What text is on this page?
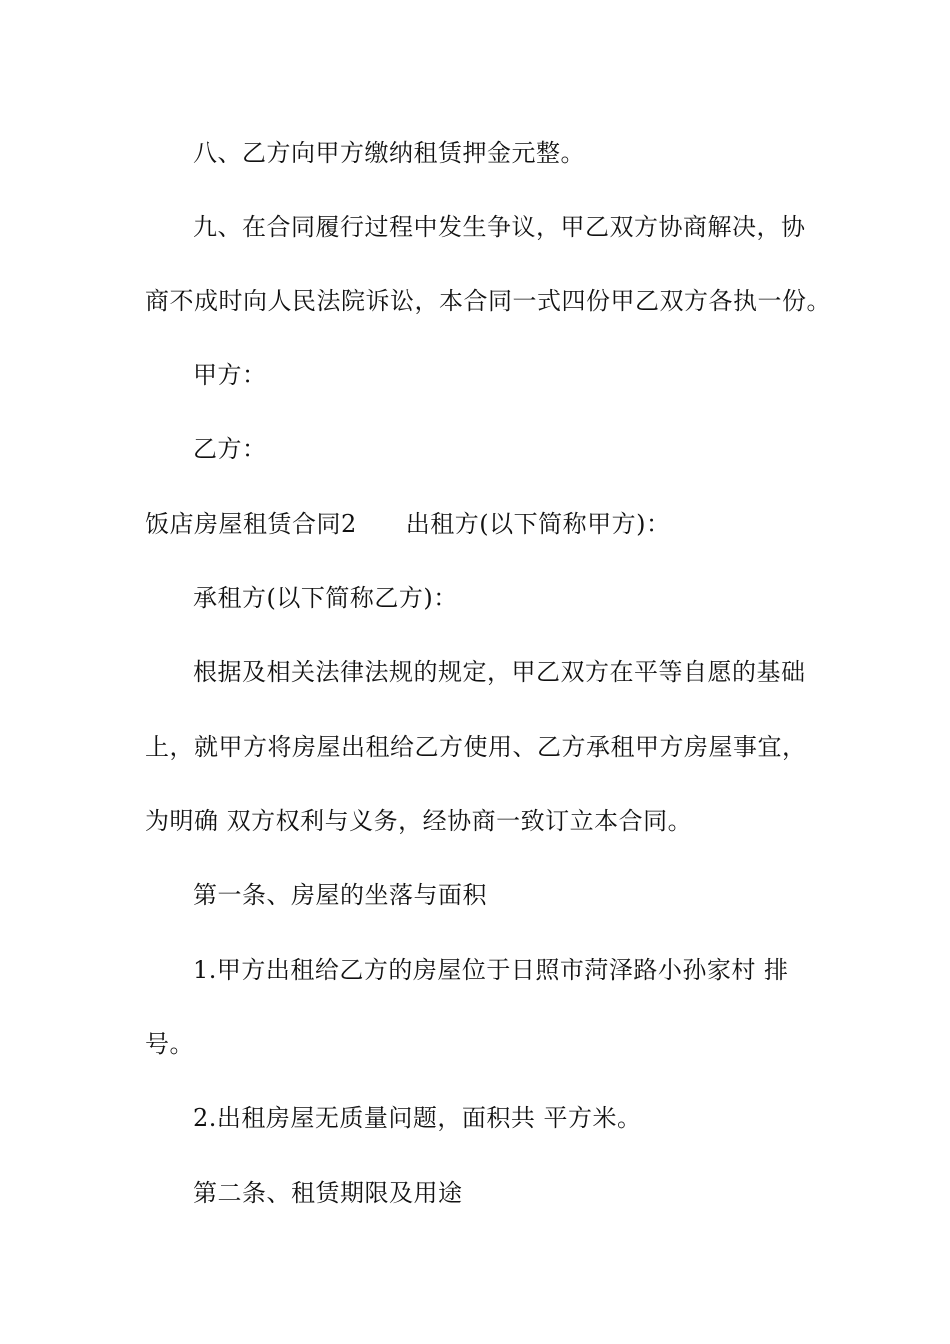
八、乙方向甲方缴纳租赁押金元整。
九、在合同履行过程中发生争议，甲乙双方协商解决，协
商不成时向人民法院诉讼，本合同一式四份甲乙双方各执一份。
甲方：
乙方：
饭店房屋租赁合同2　　出租方(以下简称甲方)：
承租方(以下简称乙方)：
根据及相关法律法规的规定，甲乙双方在平等自愿的基础
上，就甲方将房屋出租给乙方使用、乙方承租甲方房屋事宜，
为明确 双方权利与义务，经协商一致订立本合同。
第一条、房屋的坐落与面积
1.甲方出租给乙方的房屋位于日照市菏泽路小孙家村 排
号。
2.出租房屋无质量问题，面积共 平方米。
第二条、租赁期限及用途
